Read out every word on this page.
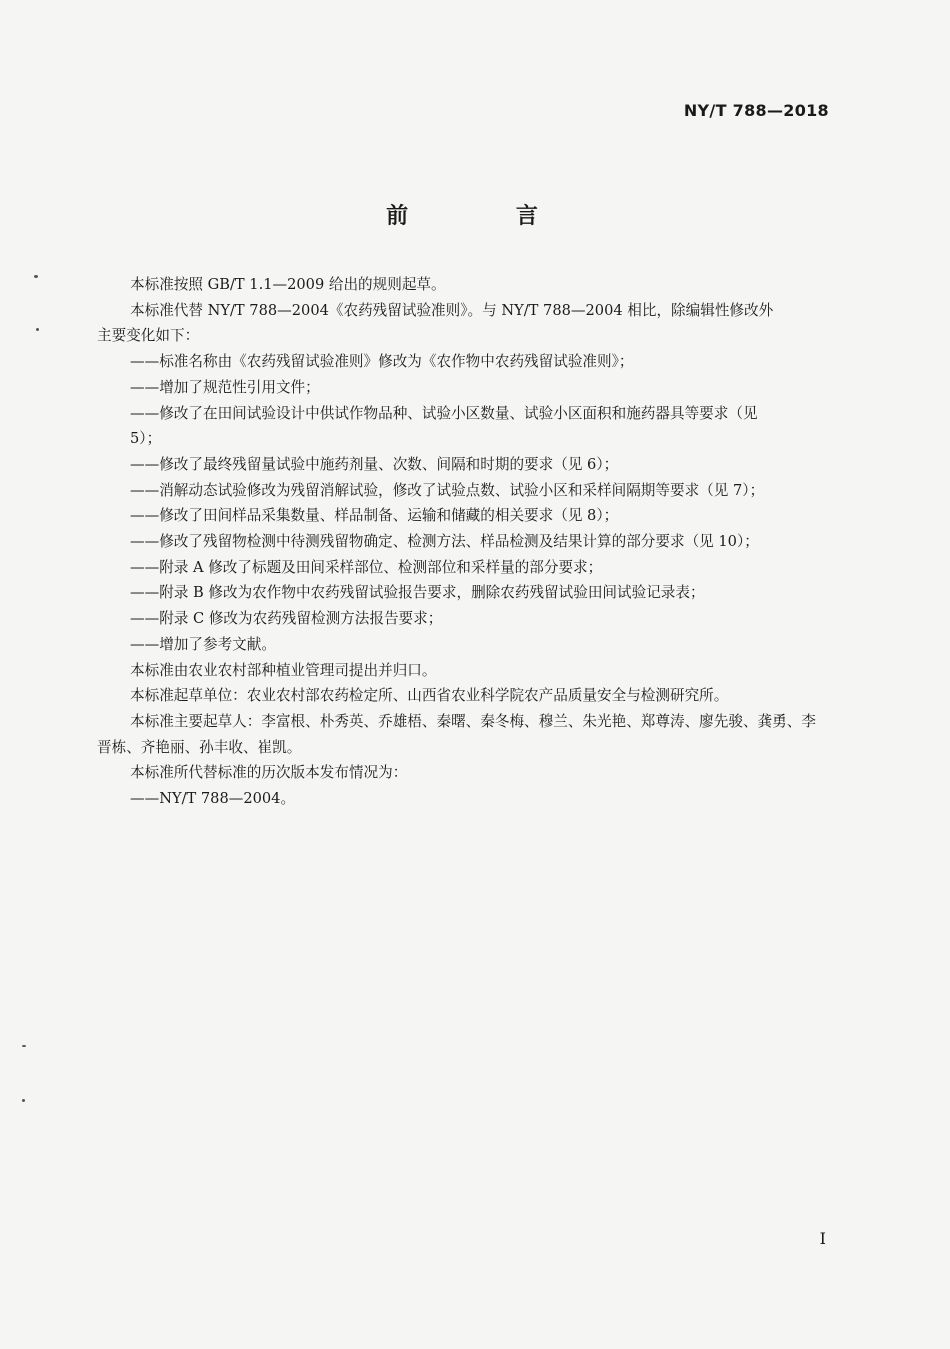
NY/T 788—2018
前 言

本标准按照 GB/T 1.1—2009 给出的规则起草。

本标准代替 NY/T 788—2004《农药残留试验准则》。与 NY/T 788—2004 相比，除编辑性修改外

主要变化如下：

——标准名称由《农药残留试验准则》修改为《农作物中农药残留试验准则》；

——增加了规范性引用文件；

——修改了在田间试验设计中供试作物品种、试验小区数量、试验小区面积和施药器具等要求（见

5）；

——修改了最终残留量试验中施药剂量、次数、间隔和时期的要求（见 6）；

——消解动态试验修改为残留消解试验，修改了试验点数、试验小区和采样间隔期等要求（见 7）；

——修改了田间样品采集数量、样品制备、运输和储藏的相关要求（见 8）；

——修改了残留物检测中待测残留物确定、检测方法、样品检测及结果计算的部分要求（见 10）；

——附录 A 修改了标题及田间采样部位、检测部位和采样量的部分要求；

——附录 B 修改为农作物中农药残留试验报告要求，删除农药残留试验田间试验记录表；

——附录 C 修改为农药残留检测方法报告要求；

——增加了参考文献。

本标准由农业农村部种植业管理司提出并归口。

本标准起草单位：农业农村部农药检定所、山西省农业科学院农产品质量安全与检测研究所。

本标准主要起草人：李富根、朴秀英、乔雄梧、秦曙、秦冬梅、穆兰、朱光艳、郑尊涛、廖先骏、龚勇、李

晋栋、齐艳丽、孙丰收、崔凯。

本标准所代替标准的历次版本发布情况为：

——NY/T 788—2004。

I
